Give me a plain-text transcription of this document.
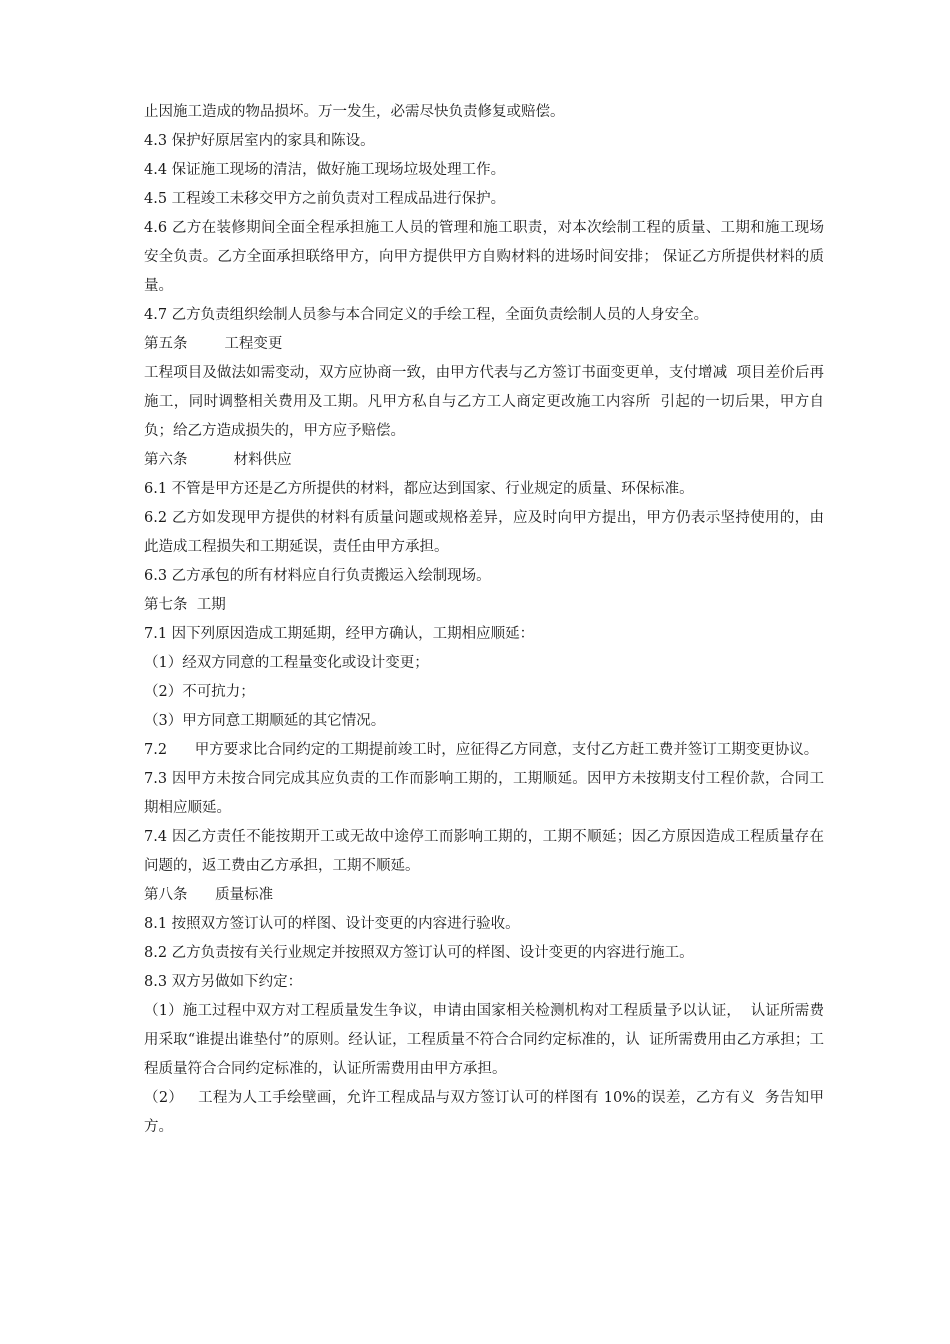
止因施工造成的物品损坏。万一发生，必需尽快负责修复或赔偿。

4.3 保护好原居室内的家具和陈设。

4.4 保证施工现场的清洁，做好施工现场垃圾处理工作。

4.5 工程竣工未移交甲方之前负责对工程成品进行保护。

4.6 乙方在装修期间全面全程承担施工人员的管理和施工职责，对本次绘制工程的质量、工期和施工现场安全负责。乙方全面承担联络甲方，向甲方提供甲方自购材料的进场时间安排； 保证乙方所提供材料的质量。

4.7 乙方负责组织绘制人员参与本合同定义的手绘工程，全面负责绘制人员的人身安全。

第五条        工程变更

工程项目及做法如需变动，双方应协商一致，由甲方代表与乙方签订书面变更单，支付增减  项目差价后再施工，同时调整相关费用及工期。凡甲方私自与乙方工人商定更改施工内容所  引起的一切后果，甲方自负；给乙方造成损失的，甲方应予赔偿。

第六条          材料供应

6.1 不管是甲方还是乙方所提供的材料，都应达到国家、行业规定的质量、环保标准。

6.2 乙方如发现甲方提供的材料有质量问题或规格差异，应及时向甲方提出，甲方仍表示坚持使用的，由此造成工程损失和工期延误，责任由甲方承担。

6.3 乙方承包的所有材料应自行负责搬运入绘制现场。

第七条  工期

7.1 因下列原因造成工期延期，经甲方确认，工期相应顺延：

（1）经双方同意的工程量变化或设计变更；

（2）不可抗力；

（3）甲方同意工期顺延的其它情况。

7.2      甲方要求比合同约定的工期提前竣工时，应征得乙方同意，支付乙方赶工费并签订工期变更协议。

7.3 因甲方未按合同完成其应负责的工作而影响工期的，工期顺延。因甲方未按期支付工程价款，合同工期相应顺延。

7.4 因乙方责任不能按期开工或无故中途停工而影响工期的，工期不顺延；因乙方原因造成工程质量存在问题的，返工费由乙方承担，工期不顺延。

第八条      质量标准

8.1 按照双方签订认可的样图、设计变更的内容进行验收。

8.2 乙方负责按有关行业规定并按照双方签订认可的样图、设计变更的内容进行施工。

8.3 双方另做如下约定：

（1）施工过程中双方对工程质量发生争议，申请由国家相关检测机构对工程质量予以认证，  认证所需费用采取“谁提出谁垫付”的原则。经认证，工程质量不符合合同约定标准的，认  证所需费用由乙方承担；工程质量符合合同约定标准的，认证所需费用由甲方承担。

（2）   工程为人工手绘壁画，允许工程成品与双方签订认可的样图有 10%的误差，乙方有义  务告知甲方。
